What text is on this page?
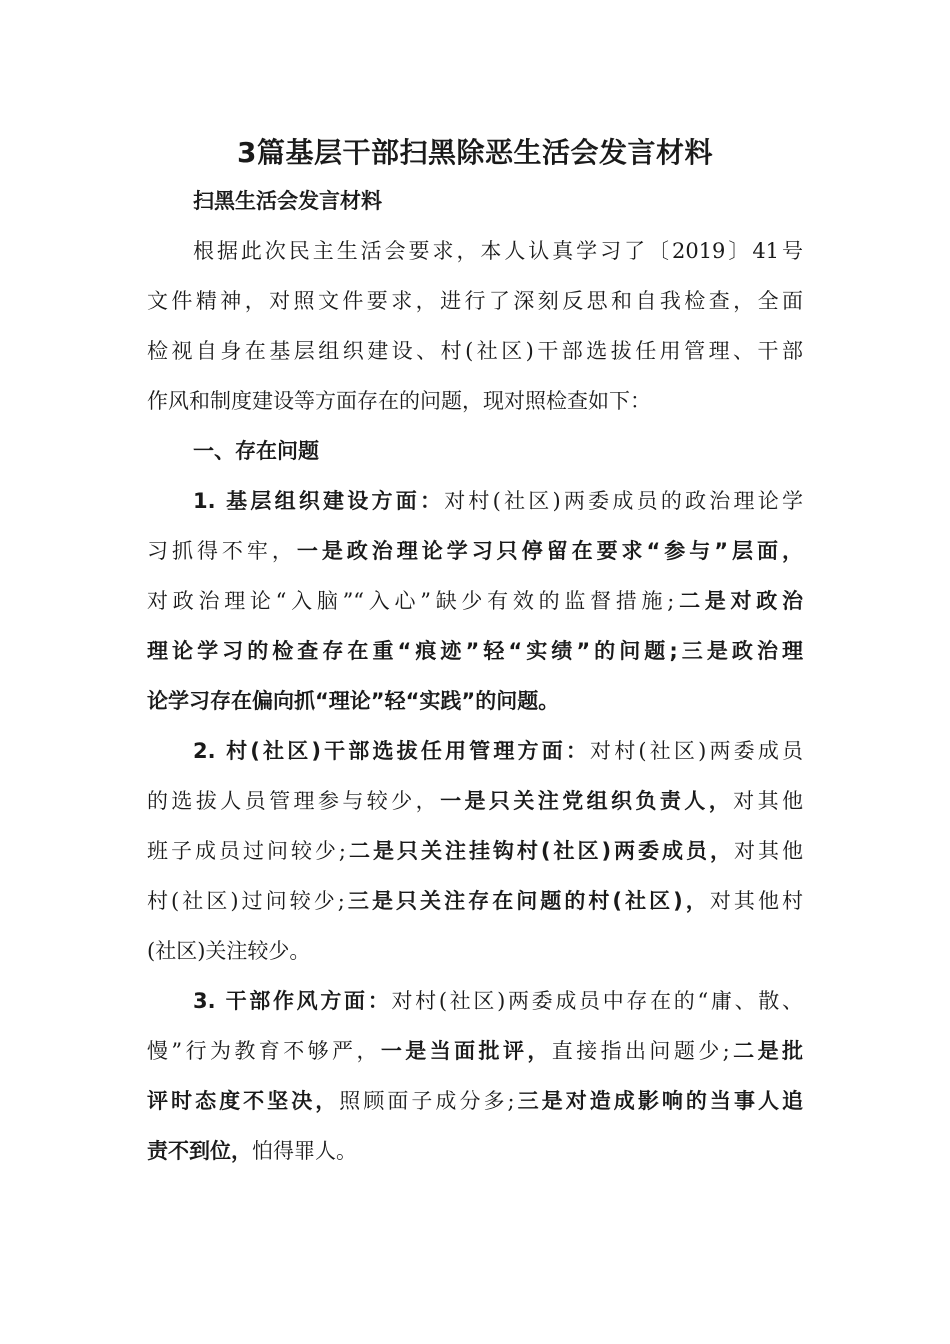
3篇基层干部扫黑除恶生活会发言材料
扫黑生活会发言材料
根据此次民主生活会要求，本人认真学习了〔2019〕41号
文件精神，对照文件要求，进行了深刻反思和自我检查，全面
检视自身在基层组织建设、村(社区)干部选拔任用管理、干部
作风和制度建设等方面存在的问题，现对照检查如下：
一、存在问题
1. 基层组织建设方面：对村(社区)两委成员的政治理论学
习抓得不牢，一是政治理论学习只停留在要求“参与”层面，
对政治理论“入脑”“入心”缺少有效的监督措施;二是对政治
理论学习的检查存在重“痕迹”轻“实绩”的问题;三是政治理
论学习存在偏向抓“理论”轻“实践”的问题。
2. 村(社区)干部选拔任用管理方面：对村(社区)两委成员
的选拔人员管理参与较少，一是只关注党组织负责人，对其他
班子成员过问较少;二是只关注挂钩村(社区)两委成员，对其他
村(社区)过问较少;三是只关注存在问题的村(社区)，对其他村
(社区)关注较少。
3. 干部作风方面：对村(社区)两委成员中存在的“庸、散、
慢”行为教育不够严，一是当面批评，直接指出问题少;二是批
评时态度不坚决，照顾面子成分多;三是对造成影响的当事人追
责不到位，怕得罪人。
